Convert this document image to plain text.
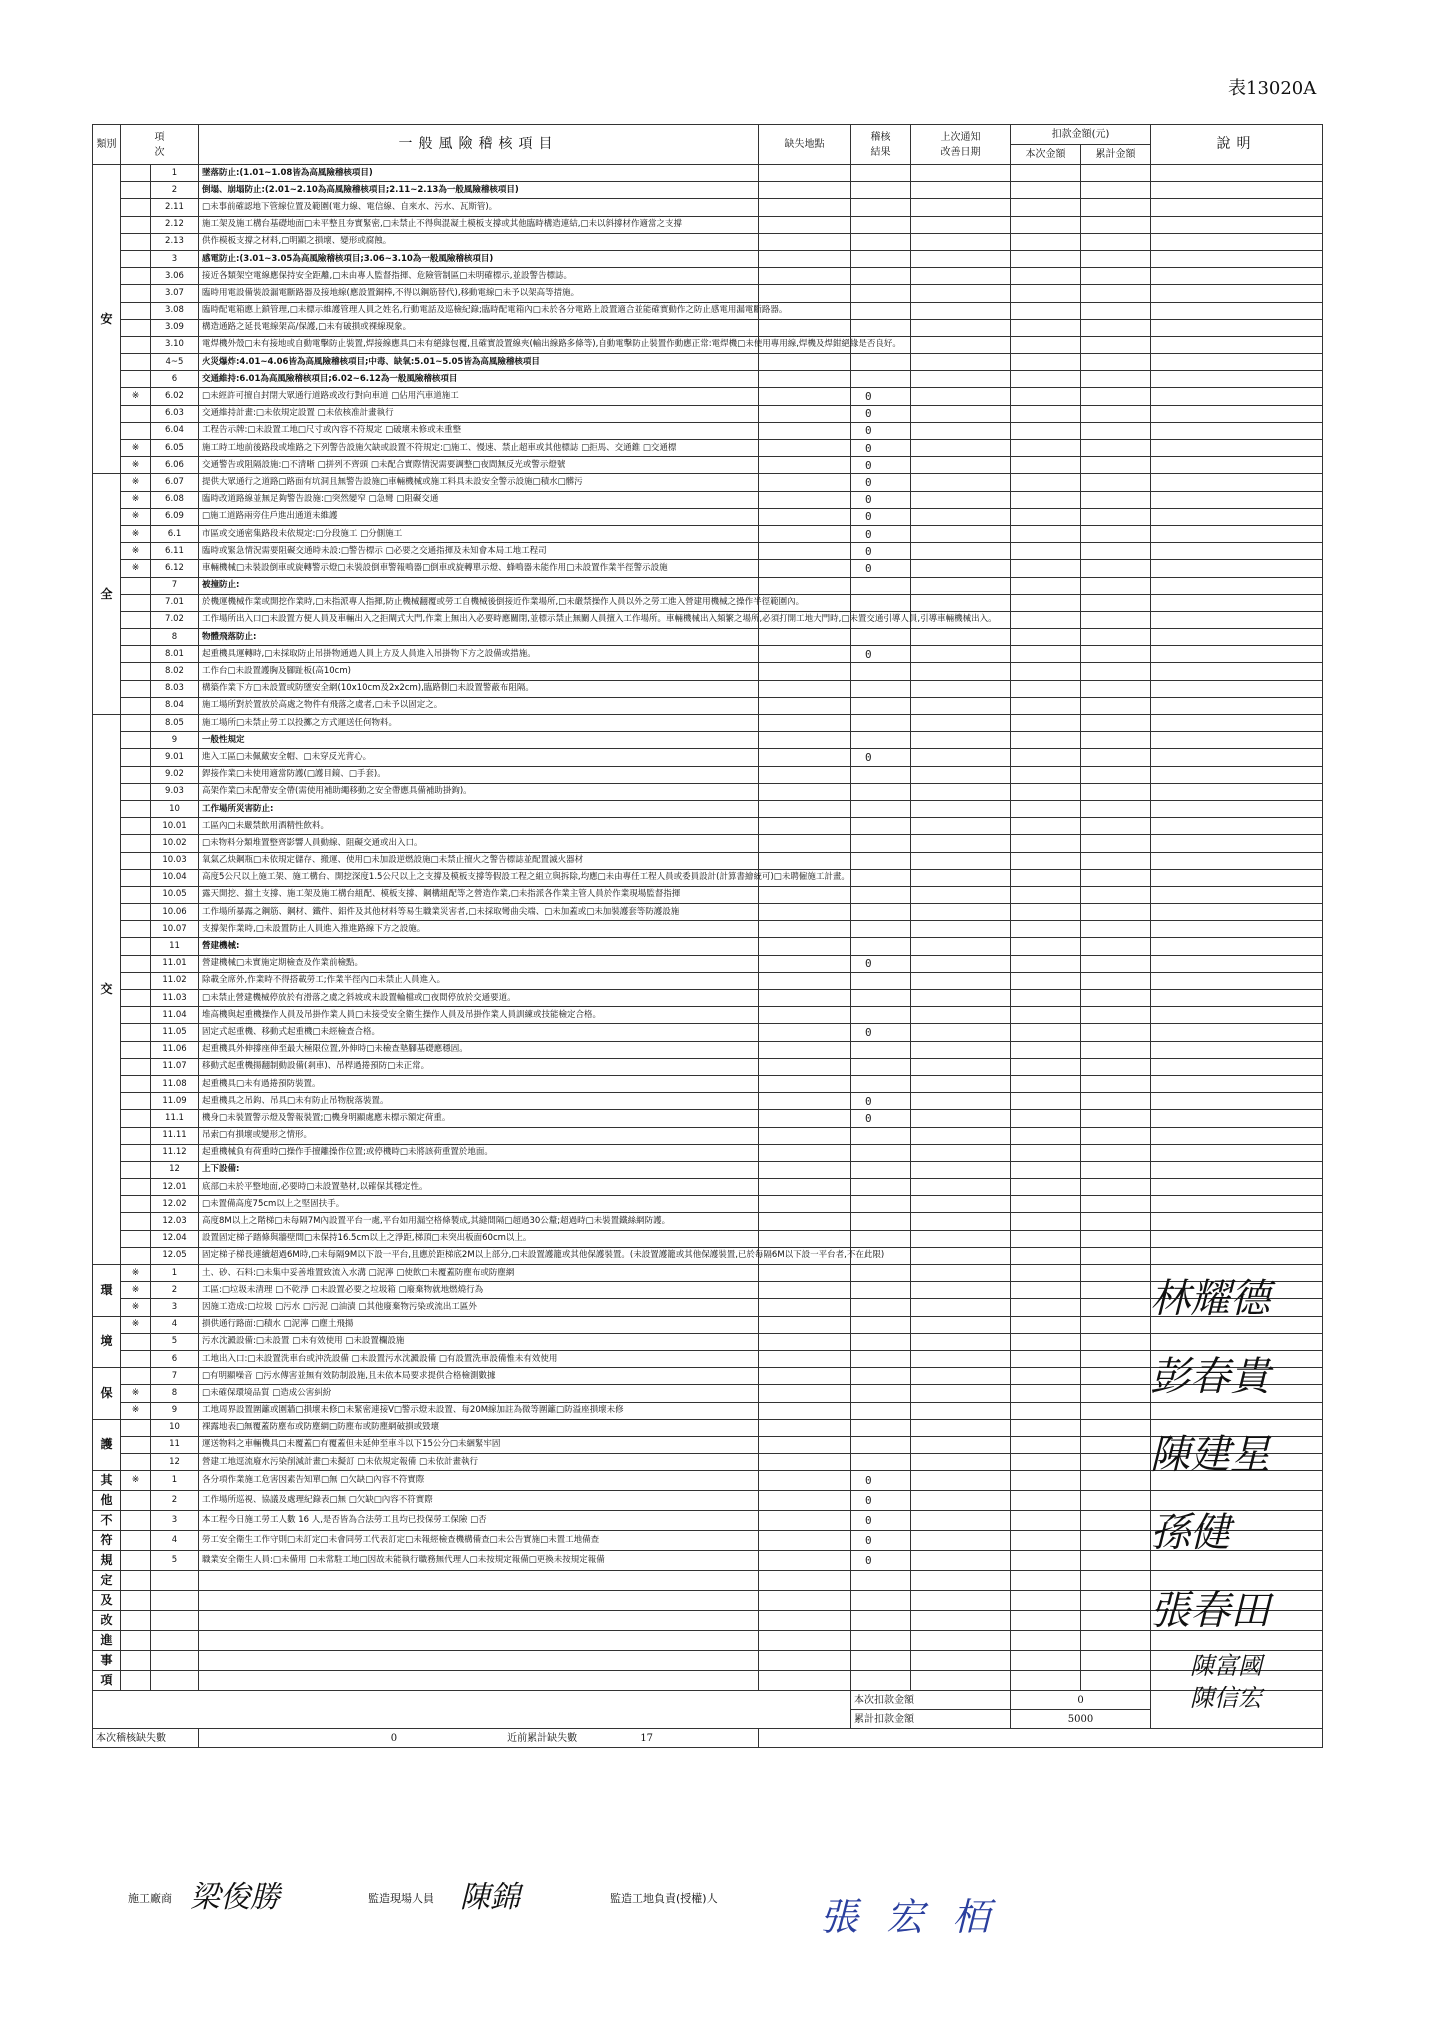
表13020A
類別	項
次		一般風險稽核項目	缺失地點	稽核
結果	上次通知
改善日期	扣款金額(元)		說明
							本次金額	累計金額	
安		1	墜落防止:(1.01~1.08皆為高風險稽核項目)						
		2	倒塌、崩塌防止:(2.01~2.10為高風險稽核項目;2.11~2.13為一般風險稽核項目)						
		2.11	□未事前確認地下管線位置及範圍(電力線、電信線、自來水、污水、瓦斯管)。						
		2.12	施工架及施工構台基礎地面□未平整且夯實緊密,□未禁止不得與混凝土模板支撐或其他臨時構造連結,□未以斜撐材作適當之支撐						
		2.13	供作模板支撐之材料,□明顯之損壞、變形或腐蝕。						
		3	感電防止:(3.01~3.05為高風險稽核項目;3.06~3.10為一般風險稽核項目)						
		3.06	接近各類架空電線應保持安全距離,□未由專人監督指揮、危險管制區□未明確標示,並設警告標誌。						
		3.07	臨時用電設備裝設漏電斷路器及接地線(應設置銅棒,不得以鋼筋替代),移動電線□未予以架高等措施。						
		3.08	臨時配電箱應上鎖管理,□未標示維護管理人員之姓名,行動電話及巡檢紀錄;臨時配電箱內□未於各分電路上設置適合並能確實動作之防止感電用漏電斷路器。						
		3.09	構造通路之延長電線架高/保護,□未有破損或裸線現象。						
		3.10	電焊機外殼□未有接地或自動電擊防止裝置,焊接線應具□未有絕緣包覆,且確實設置線夾(輸出線路多條等),自動電擊防止裝置作動應正常:電焊機□未使用專用線,焊機及焊鉗絕緣是否良好。						
		4~5	火災爆炸:4.01~4.06皆為高風險稽核項目;中毒、缺氧:5.01~5.05皆為高風險稽核項目						
		6	交通維持:6.01為高風險稽核項目;6.02~6.12為一般風險稽核項目						
	※	6.02	□未經許可擅自封閉大眾通行道路或改行對向車道 □佔用汽車道施工		0				
		6.03	交通維持計畫:□未依規定設置 □未依核准計畫執行		0				
		6.04	工程告示牌:□未設置工地□尺寸或內容不符規定 □破壞未修或未重整		0				
	※	6.05	施工時工地前後路段或堆路之下列警告設施欠缺或設置不符規定:□施工、慢速、禁止超車或其他標誌 □拒馬、交通錐 □交通標		0				
	※	6.06	交通警告或阻隔設施:□不清晰 □拼列不齊頭 □未配合實際情況需要調整□夜間無反光或警示燈號		0				
全	※	6.07	提供大眾通行之道路□路面有坑洞且無警告設施□車輛機械或施工料具未設安全警示設施□積水□髒污		0				
	※	6.08	臨時改道路線並無足夠警告設施:□突然變窄 □急彎 □阻礙交通		0				
	※	6.09	□施工道路兩旁住戶進出通道未維護		0				
	※	6.1	市區或交通密集路段未依規定:□分段施工 □分側施工		0				
	※	6.11	臨時或緊急情況需要阻礙交通時未設:□警告標示 □必要之交通指揮及未知會本局工地工程司		0				
	※	6.12	車輛機械□未裝設倒車或旋轉警示燈□未裝設倒車警報鳴器□倒車或旋轉單示燈、蜂鳴器未能作用□未設置作業半徑警示設施		0				
		7	被撞防止:						
		7.01	於機運機械作業或開挖作業時,□未指派專人指揮,防止機械翻覆或勞工自機械後倒接近作業場所,□未嚴禁操作人員以外之勞工進入營建用機械之操作半徑範圍內。						
		7.02	工作場所出入口□未設置方便人員及車輛出入之拒閘式大門,作業上無出入必要時應關閉,並標示禁止無關人員擅入工作場所。車輛機械出入頻繁之場所,必須打開工地大門時,□未置交通引導人員,引導車輛機械出入。						
		8	物體飛落防止:						
		8.01	起重機具運轉時,□未採取防止吊掛物通過人員上方及人員進入吊掛物下方之設備或措施。		0				
		8.02	工作台□未設置護胸及腳趾板(高10cm)						
		8.03	構築作業下方□未設置或防墜安全網(10x10cm及2x2cm),臨路側□未設置警蔽布阻隔。						
		8.04	施工場所對於置放於高處之物件有飛落之虞者,□未予以固定之。						
交		8.05	施工場所□未禁止勞工以投擲之方式運送任何物料。						
		9	一般性規定						
		9.01	進入工區□未佩戴安全帽、□未穿反光背心。		0				
		9.02	銲接作業□未使用適當防護(□護目鏡、□手套)。						
		9.03	高架作業□未配帶安全帶(需使用補助繩移動之安全帶應具備補助掛鉤)。						
		10	工作場所災害防止:						
		10.01	工區內□未嚴禁飲用酒精性飲料。						
		10.02	□未物料分類堆置整齊影響人員動線、阻礙交通或出入口。						
		10.03	氧氣乙炔鋼瓶□未依規定儲存、搬運、使用□未加設逆燃設施□未禁止擅火之警告標誌並配置滅火器材						
		10.04	高度5公尺以上施工架、施工構台、開挖深度1.5公尺以上之支撐及模板支撐等假設工程之組立與拆除,均應□未由專任工程人員或委員設計(計算書繪統可)□未聘僱施工計畫。						
		10.05	露天開挖、擋土支撐、施工架及施工構台組配、模板支撐、鋼構組配等之營造作業,□未指派各作業主管人員於作業現場監督指揮						
		10.06	工作場所暴露之鋼筋、鋼材、鐵件、鋁件及其他材料等易生職業災害者,□未採取彎曲尖端、□未加蓋或□未加裝護套等防護設施						
		10.07	支撐架作業時,□未設置防止人員進入推進路線下方之設施。						
		11	營建機械:						
		11.01	營建機械□未實施定期檢查及作業前檢點。		0				
		11.02	除載全席外,作業時不得搭載勞工;作業半徑內□未禁止人員進入。						
		11.03	□未禁止營建機械停放於有滑落之虞之斜坡或未設置輪檔或□夜間停放於交通要道。						
		11.04	堆高機與起重機操作人員及吊掛作業人員□未接受安全衛生操作人員及吊掛作業人員訓練或技能檢定合格。						
		11.05	固定式起重機、移動式起重機□未經檢查合格。		0				
		11.06	起重機具外伸撐座伸至最大極限位置,外伸時□未檢查墊腳基礎應穩固。						
		11.07	移動式起重機揚翻制動設備(剎車)、吊桿過捲預防□未正常。						
		11.08	起重機具□未有過捲預防裝置。						
		11.09	起重機具之吊鈎、吊具□未有防止吊物脫落裝置。		0				
		11.1	機身□未裝置警示燈及警報裝置;□機身明顯處應未標示額定荷重。		0				
		11.11	吊索□有損壞或變形之情形。						
		11.12	起重機械負有荷重時□操作手擅離操作位置;或停機時□未將該荷重置於地面。						
		12	上下設備:						
		12.01	底部□未於平整地面,必要時□未設置墊材,以確保其穩定性。						
		12.02	□未置備高度75cm以上之堅固扶手。						
		12.03	高度8M以上之階梯□未每隔7M內設置平台一處,平台如用漏空格條製成,其縫間隔□超過30公釐;超過時□未裝置鐵絲網防護。						
		12.04	設置固定梯子踏條與牆壁間□未保持16.5cm以上之淨距,梯頂□未突出板面60cm以上。						
		12.05	固定梯子梯長連續超過6M時,□未每隔9M以下設一平台,且應於距梯底2M以上部分,□未設置護籠或其他保護裝置。(未設置護籠或其他保護裝置,已於每隔6M以下設一平台者,不在此限)						
環	※	1	土、砂、石料:□未集中妥善堆置致流入水溝 □泥濘 □使飲□未覆蓋防塵布或防塵網						
	※	2	工區:□垃圾未清理 □不乾淨 □未設置必要之垃圾箱 □廢棄物就地燃燒行為						
	※	3	因施工造成:□垃圾 □污水 □污泥 □油漬 □其他廢棄物污染或流出工區外						
境	※	4	損供通行路面:□積水 □泥濘 □塵土飛揚						
		5	污水沈澱設備:□未設置 □未有效使用 □未設置欄設施						
		6	工地出入口:□未設置洗車台或沖洗設備 □未設置污水沈澱設備 □有設置洗車設備惟未有效使用						
保		7	□有明顯噪音 □污水傳害並無有效防制設施,且未依本局要求提供合格檢測數據						
	※	8	□未確保環境品質 □造成公害糾紛						
	※	9	工地周界設置圍籬或圍牆□損壞未修□未緊密連接Ⅴ□警示燈未設置、每20M線加註為微等圍籬□防溢座損壞未修						
護		10	裸露地表□無覆蓋防塵布或防塵網□防塵布或防塵網破損或毀壞						
		11	運送物料之車輛機具□未覆蓋□有覆蓋但未延伸至車斗以下15公分□未綑緊牢固						
		12	營建工地逕流廢水污染削減計畫□未擬訂 □未依規定報備 □未依計畫執行						
其	※	1	各分項作業施工危害因素告知單□無 □欠缺□內容不符實際		0				
他		2	工作場所巡視、協議及處理紀錄表□無 □欠缺□內容不符實際		0				
不		3	本工程今日施工勞工人數 16 人,是否皆為合法勞工且均已投保勞工保險 □否		0				
符		4	勞工安全衛生工作守則□未訂定□未會同勞工代表訂定□未報經檢查機構備查□未公告實施□未置工地備查		0				
規		5	職業安全衛生人員:□未備用 □未常駐工地□因故未能執行職務無代理人□未按規定報備□更換未按規定報備		0				
定									
及									
改									
進									
事									
項									
					本次扣款金額		0		
					累計扣款金額		5000		
本次稽核缺失數			0 近前累計缺失數 17						
林耀德
彭春貴
陳建星
孫健
張春田
陳富國
陳信宏
施工廠商 梁俊勝	監造現場人員 陳錦	監造工地負責(授權)人	張宏栢
